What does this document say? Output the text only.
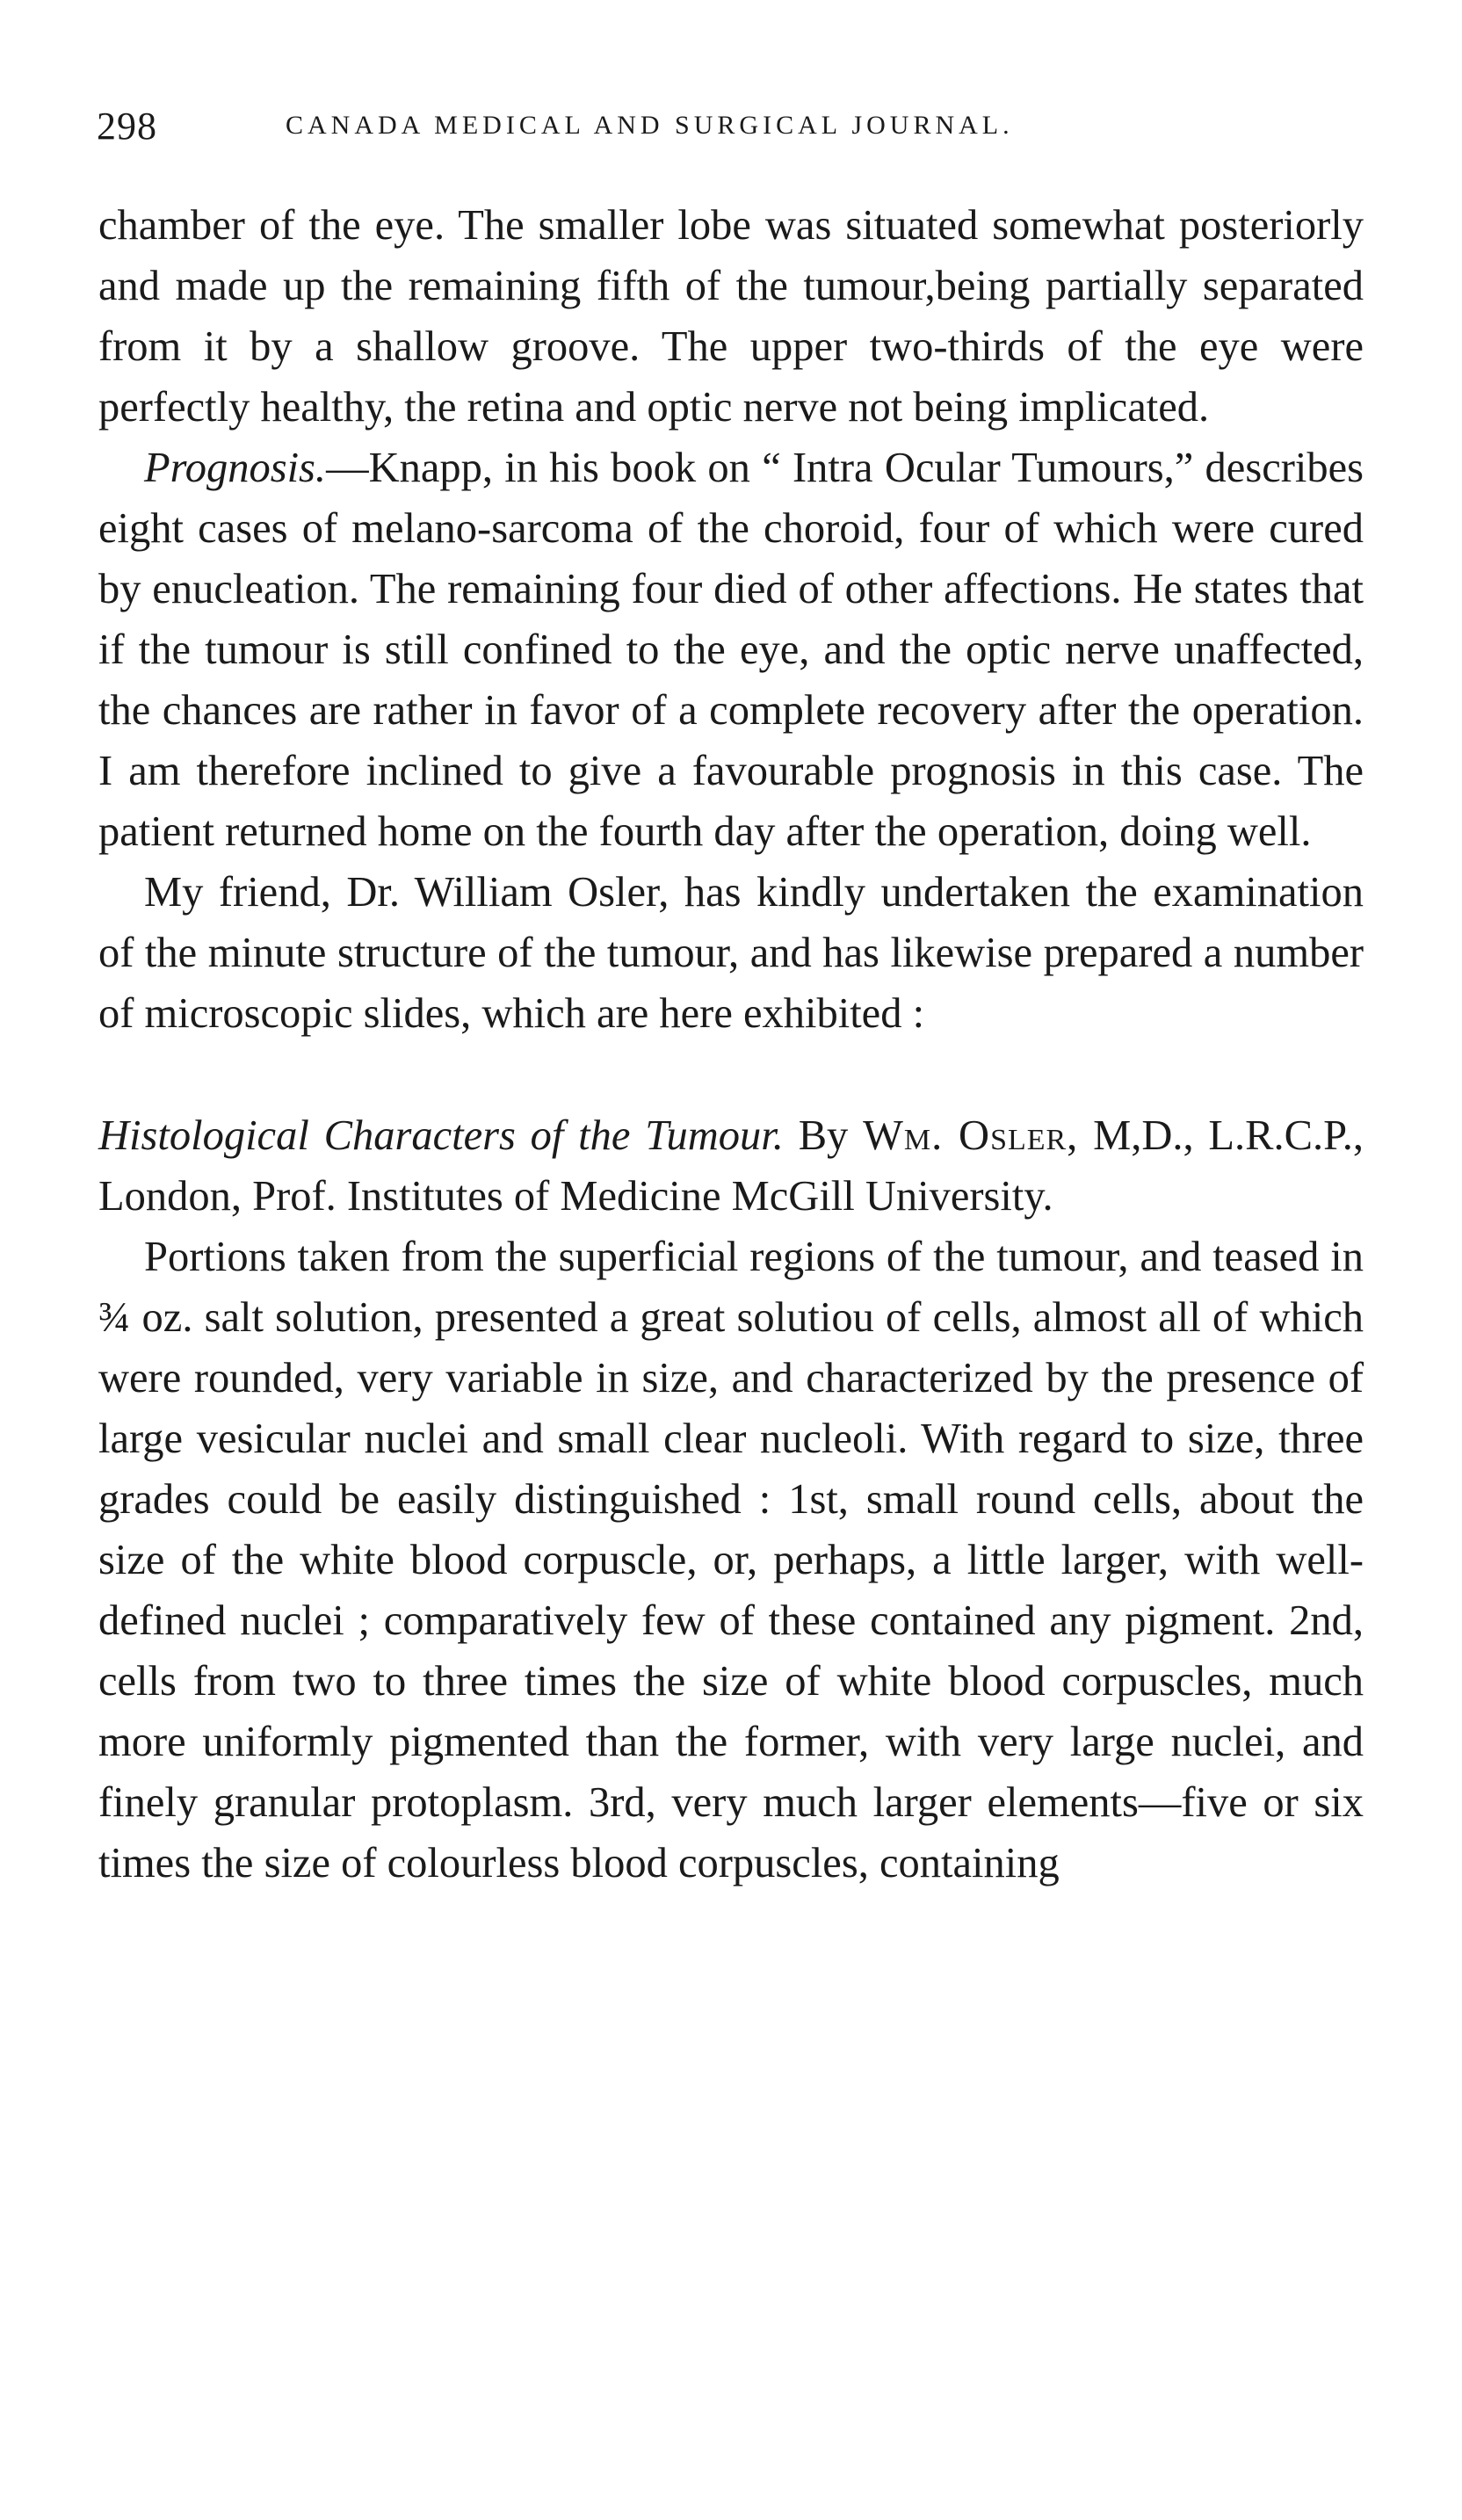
298	CANADA MEDICAL AND SURGICAL JOURNAL.

chamber of the eye. The smaller lobe was situated somewhat posteriorly and made up the remaining fifth of the tumour,being partially separated from it by a shallow groove. The upper two-thirds of the eye were perfectly healthy, the retina and optic nerve not being implicated.

Prognosis.—Knapp, in his book on “ Intra Ocular Tumours,” describes eight cases of melano-sarcoma of the choroid, four of which were cured by enucleation. The remaining four died of other affections. He states that if the tumour is still confined to the eye, and the optic nerve unaffected, the chances are rather in favor of a complete recovery after the operation. I am therefore inclined to give a favourable prognosis in this case. The patient returned home on the fourth day after the operation, doing well.

My friend, Dr. William Osler, has kindly undertaken the examination of the minute structure of the tumour, and has likewise prepared a number of microscopic slides, which are here exhibited :

Histological Characters of the Tumour. By Wm. Osler, M,D., L.R.C.P., London, Prof. Institutes of Medicine McGill University.

Portions taken from the superficial regions of the tumour, and teased in ¾ oz. salt solution, presented a great solutiou of cells, almost all of which were rounded, very variable in size, and characterized by the presence of large vesicular nuclei and small clear nucleoli. With regard to size, three grades could be easily distinguished : 1st, small round cells, about the size of the white blood corpuscle, or, perhaps, a little larger, with well-defined nuclei ; comparatively few of these contained any pigment. 2nd, cells from two to three times the size of white blood corpuscles, much more uniformly pigmented than the former, with very large nuclei, and finely granular protoplasm. 3rd, very much larger elements—five or six times the size of colourless blood corpuscles, containing
